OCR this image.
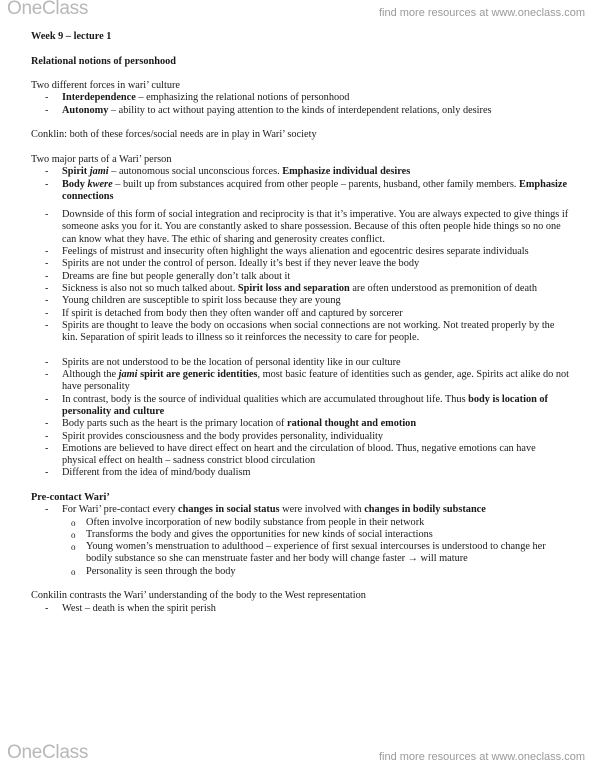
OneClass	find more resources at www.oneclass.com

Week 9 – lecture 1

Relational notions of personhood

Two different forces in wari’ culture

- Interdependence – emphasizing the relational notions of personhood
- Autonomy – ability to act without paying attention to the kinds of interdependent relations, only desires

Conklin: both of these forces/social needs are in play in Wari’ society

Two major parts of a Wari’ person

- Spirit jami – autonomous social unconscious forces. Emphasize individual desires
- Body kwere – built up from substances acquired from other people – parents, husband, other family members. Emphasize connections
- Downside of this form of social integration and reciprocity is that it’s imperative. You are always expected to give things if someone asks you for it. You are constantly asked to share possession. Because of this often people hide things so no one can know what they have. The ethic of sharing and generosity creates conflict.
- Feelings of mistrust and insecurity often highlight the ways alienation and egocentric desires separate individuals
- Spirits are not under the control of person. Ideally it’s best if they never leave the body
- Dreams are fine but people generally don’t talk about it
- Sickness is also not so much talked about. Spirit loss and separation are often understood as premonition of death
- Young children are susceptible to spirit loss because they are young
- If spirit is detached from body then they often wander off and captured by sorcerer
- Spirits are thought to leave the body on occasions when social connections are not working. Not treated properly by the kin. Separation of spirit leads to illness so it reinforces the necessity to care for people.
- Spirits are not understood to be the location of personal identity like in our culture
- Although the jami spirit are generic identities, most basic feature of identities such as gender, age. Spirits act alike do not have personality
- In contrast, body is the source of individual qualities which are accumulated throughout life. Thus body is location of personality and culture
- Body parts such as the heart is the primary location of rational thought and emotion
- Spirit provides consciousness and the body provides personality, individuality
- Emotions are believed to have direct effect on heart and the circulation of blood. Thus, negative emotions can have physical effect on health – sadness constrict blood circulation
- Different from the idea of mind/body dualism

Pre-contact Wari’

- For Wari’ pre-contact every changes in social status were involved with changes in bodily substance
o Often involve incorporation of new bodily substance from people in their network
o Transforms the body and gives the opportunities for new kinds of social interactions
o Young women’s menstruation to adulthood – experience of first sexual intercourses is understood to change her bodily substance so she can menstruate faster and her body will change faster → will mature
o Personality is seen through the body

Conkilin contrasts the Wari’ understanding of the body to the West representation

- West – death is when the spirit perish
OneClass	find more resources at www.oneclass.com
